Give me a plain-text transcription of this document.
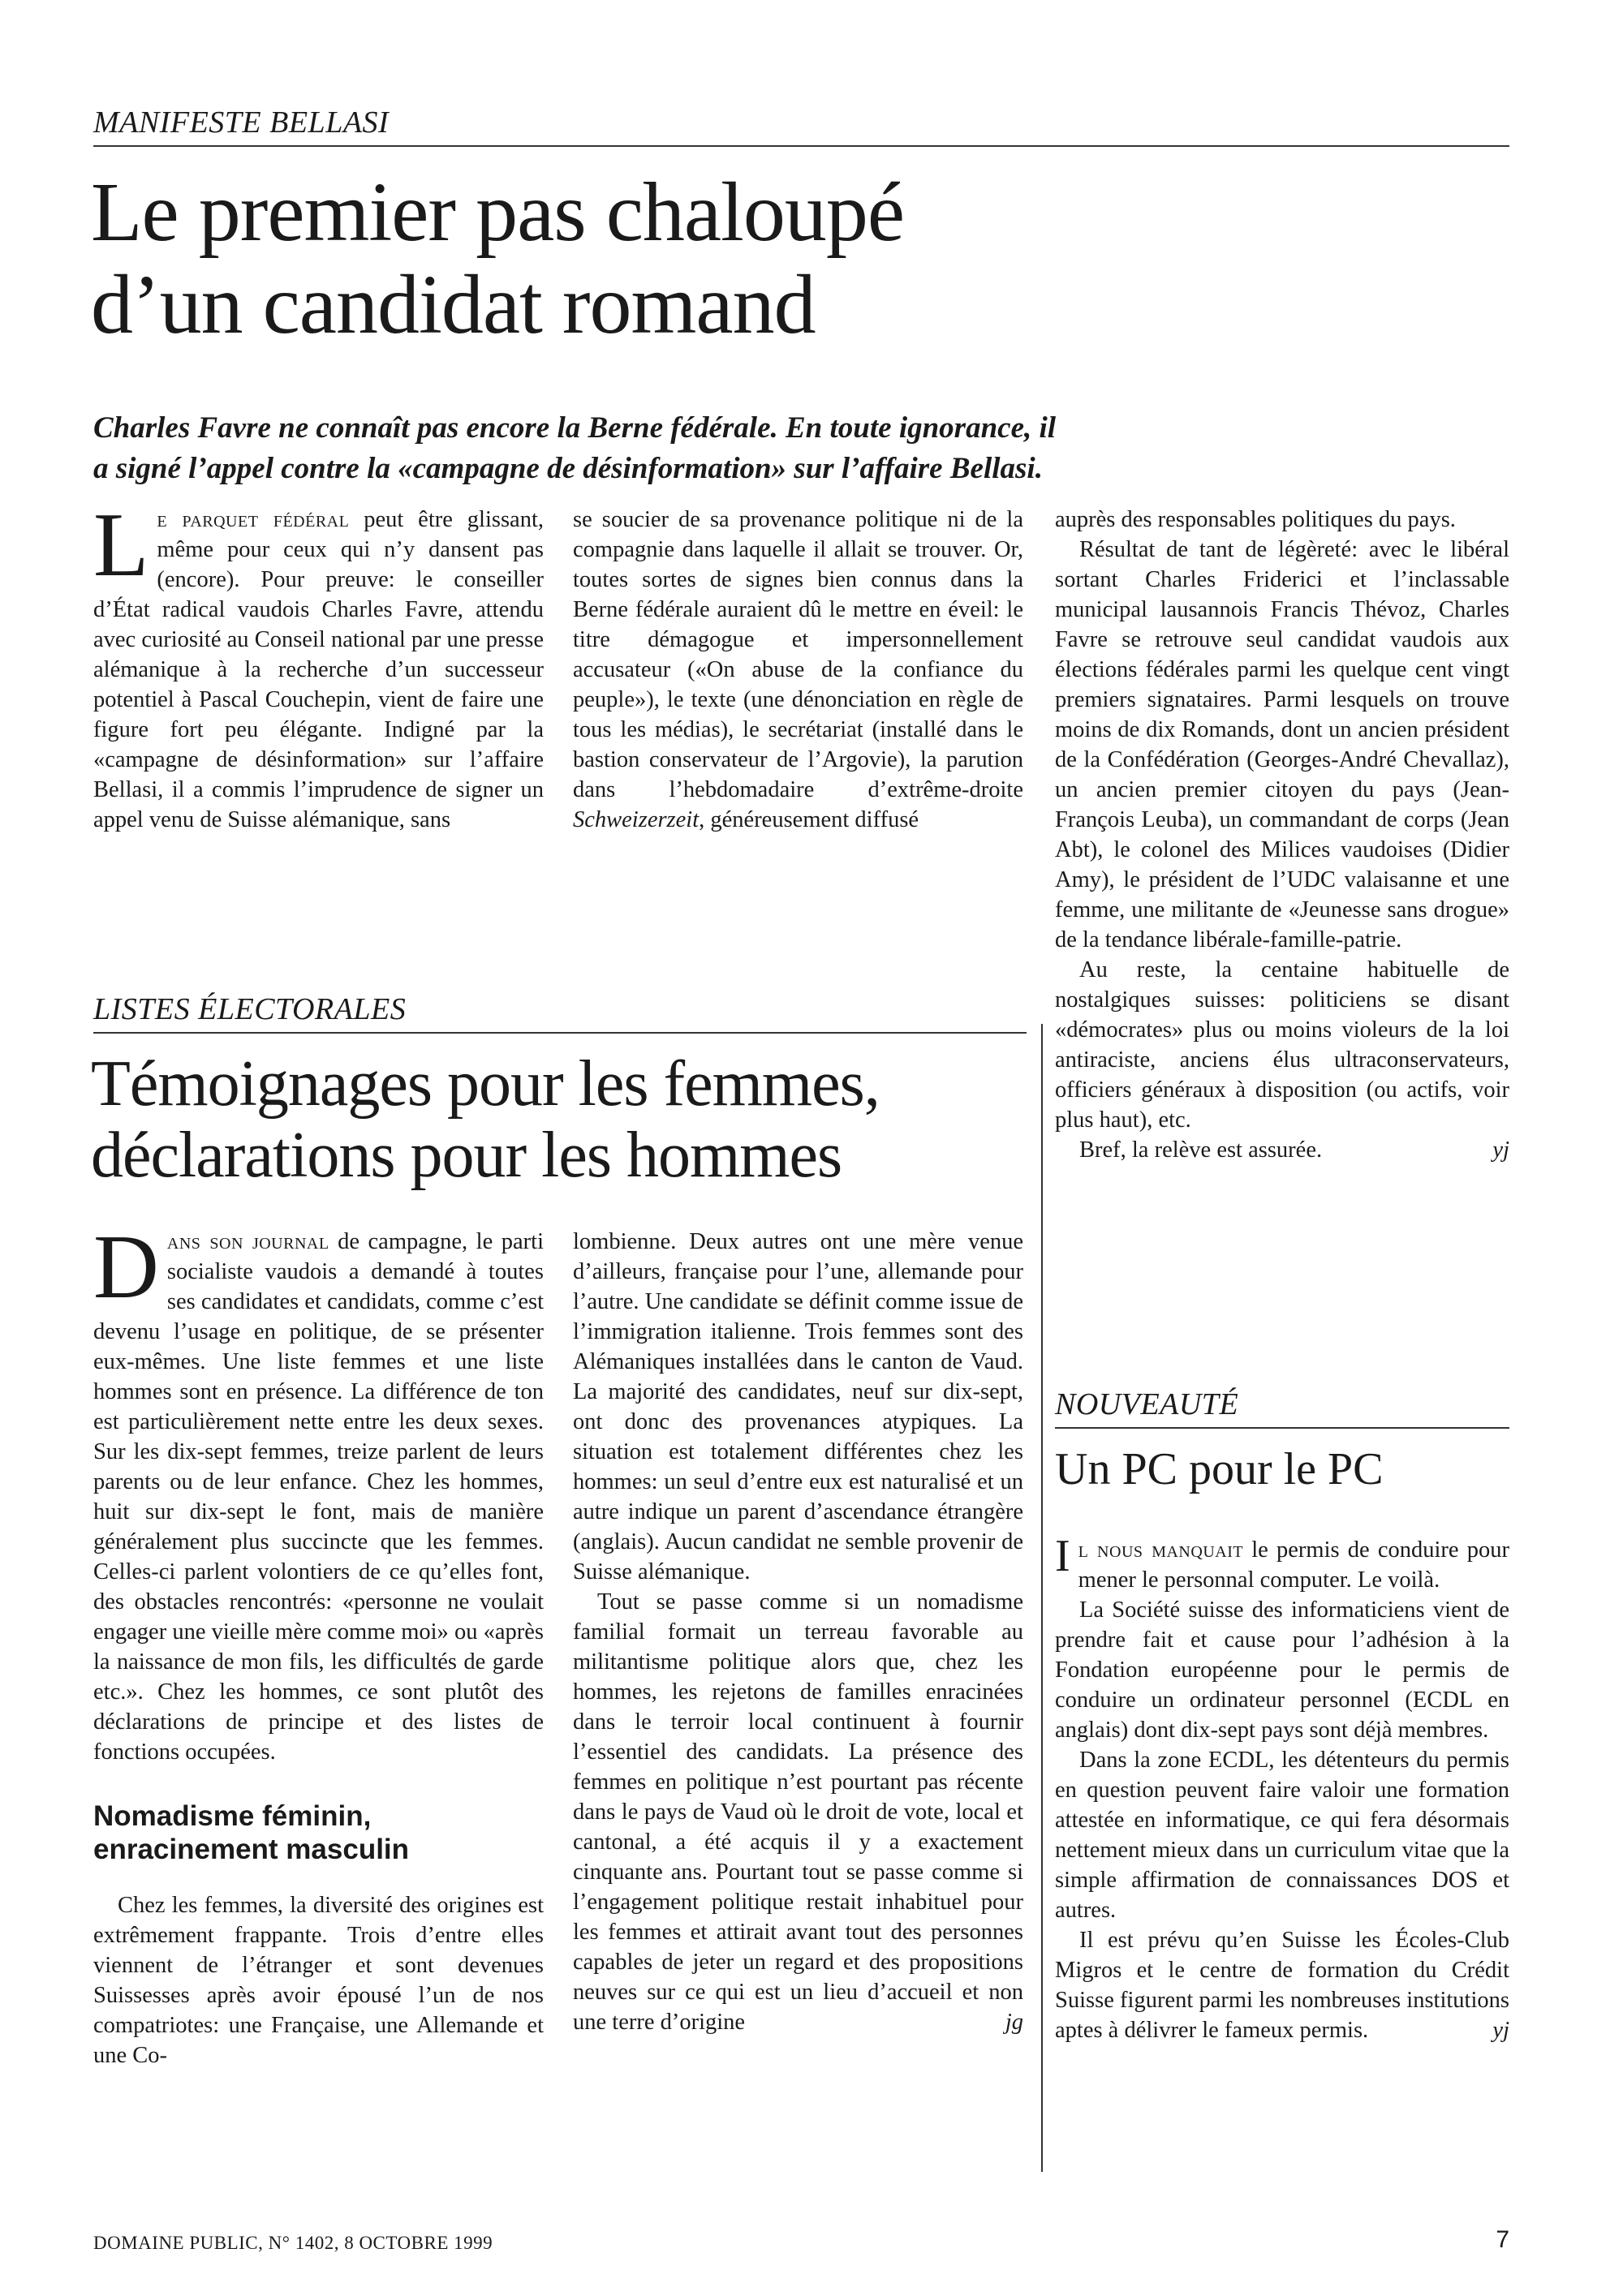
MANIFESTE BELLASI
Le premier pas chaloupé
d’un candidat romand
Charles Favre ne connaît pas encore la Berne fédérale. En toute ignorance, il
a signé l’appel contre la «campagne de désinformation» sur l’affaire Bellasi.

Le parquet fédéral peut être glissant, même pour ceux qui n’y dansent pas (encore). Pour preuve: le conseiller d’État radical vaudois Charles Favre, attendu avec curiosité au Conseil national par une presse alémanique à la recherche d’un successeur potentiel à Pascal Couchepin, vient de faire une figure fort peu élégante. Indigné par la «campagne de désinformation» sur l’affaire Bellasi, il a commis l’imprudence de signer un appel venu de Suisse alémanique, sans

se soucier de sa provenance politique ni de la compagnie dans laquelle il allait se trouver. Or, toutes sortes de signes bien connus dans la Berne fédérale auraient dû le mettre en éveil: le titre démagogue et impersonnellement accusateur («On abuse de la confiance du peuple»), le texte (une dénonciation en règle de tous les médias), le secrétariat (installé dans le bastion conservateur de l’Argovie), la parution dans l’hebdomadaire d’extrême-droite Schweizerzeit, généreusement diffusé

auprès des responsables politiques du pays.

Résultat de tant de légèreté: avec le libéral sortant Charles Friderici et l’inclassable municipal lausannois Francis Thévoz, Charles Favre se retrouve seul candidat vaudois aux élections fédérales parmi les quelque cent vingt premiers signataires. Parmi lesquels on trouve moins de dix Romands, dont un ancien président de la Confédération (Georges-André Chevallaz), un ancien premier citoyen du pays (Jean-François Leuba), un commandant de corps (Jean Abt), le colonel des Milices vaudoises (Didier Amy), le président de l’UDC valaisanne et une femme, une militante de «Jeunesse sans drogue» de la tendance libérale-famille-patrie.

Au reste, la centaine habituelle de nostalgiques suisses: politiciens se disant «démocrates» plus ou moins violeurs de la loi antiraciste, anciens élus ultraconservateurs, officiers généraux à disposition (ou actifs, voir plus haut), etc.

Bref, la relève est assurée.	yj

LISTES ÉLECTORALES
Témoignages pour les femmes,
déclarations pour les hommes

Dans son journal de campagne, le parti socialiste vaudois a demandé à toutes ses candidates et candidats, comme c’est devenu l’usage en politique, de se présenter eux-mêmes. Une liste femmes et une liste hommes sont en présence. La différence de ton est particulièrement nette entre les deux sexes. Sur les dix-sept femmes, treize parlent de leurs parents ou de leur enfance. Chez les hommes, huit sur dix-sept le font, mais de manière généralement plus succincte que les femmes. Celles-ci parlent volontiers de ce qu’elles font, des obstacles rencontrés: «personne ne voulait engager une vieille mère comme moi» ou «après la naissance de mon fils, les difficultés de garde etc.». Chez les hommes, ce sont plutôt des déclarations de principe et des listes de fonctions occupées.

Nomadisme féminin,
enracinement masculin

Chez les femmes, la diversité des origines est extrêmement frappante. Trois d’entre elles viennent de l’étranger et sont devenues Suissesses après avoir épousé l’un de nos compatriotes: une Française, une Allemande et une Co-

lombienne. Deux autres ont une mère venue d’ailleurs, française pour l’une, allemande pour l’autre. Une candidate se définit comme issue de l’immigration italienne. Trois femmes sont des Alémaniques installées dans le canton de Vaud. La majorité des candidates, neuf sur dix-sept, ont donc des provenances atypiques. La situation est totalement différentes chez les hommes: un seul d’entre eux est naturalisé et un autre indique un parent d’ascendance étrangère (anglais). Aucun candidat ne semble provenir de Suisse alémanique.

Tout se passe comme si un nomadisme familial formait un terreau favorable au militantisme politique alors que, chez les hommes, les rejetons de familles enracinées dans le terroir local continuent à fournir l’essentiel des candidats. La présence des femmes en politique n’est pourtant pas récente dans le pays de Vaud où le droit de vote, local et cantonal, a été acquis il y a exactement cinquante ans. Pourtant tout se passe comme si l’engagement politique restait inhabituel pour les femmes et attirait avant tout des personnes capables de jeter un regard et des propositions neuves sur ce qui est un lieu d’accueil et non une terre d’origine	jg

NOUVEAUTÉ
Un PC pour le PC

Il nous manquait le permis de conduire pour mener le personnal computer. Le voilà.

La Société suisse des informaticiens vient de prendre fait et cause pour l’adhésion à la Fondation européenne pour le permis de conduire un ordinateur personnel (ECDL en anglais) dont dix-sept pays sont déjà membres.

Dans la zone ECDL, les détenteurs du permis en question peuvent faire valoir une formation attestée en informatique, ce qui fera désormais nettement mieux dans un curriculum vitae que la simple affirmation de connaissances DOS et autres.

Il est prévu qu’en Suisse les Écoles-Club Migros et le centre de formation du Crédit Suisse figurent parmi les nombreuses institutions aptes à délivrer le fameux permis.	yj

DOMAINE PUBLIC, N° 1402, 8 OCTOBRE 1999	7
